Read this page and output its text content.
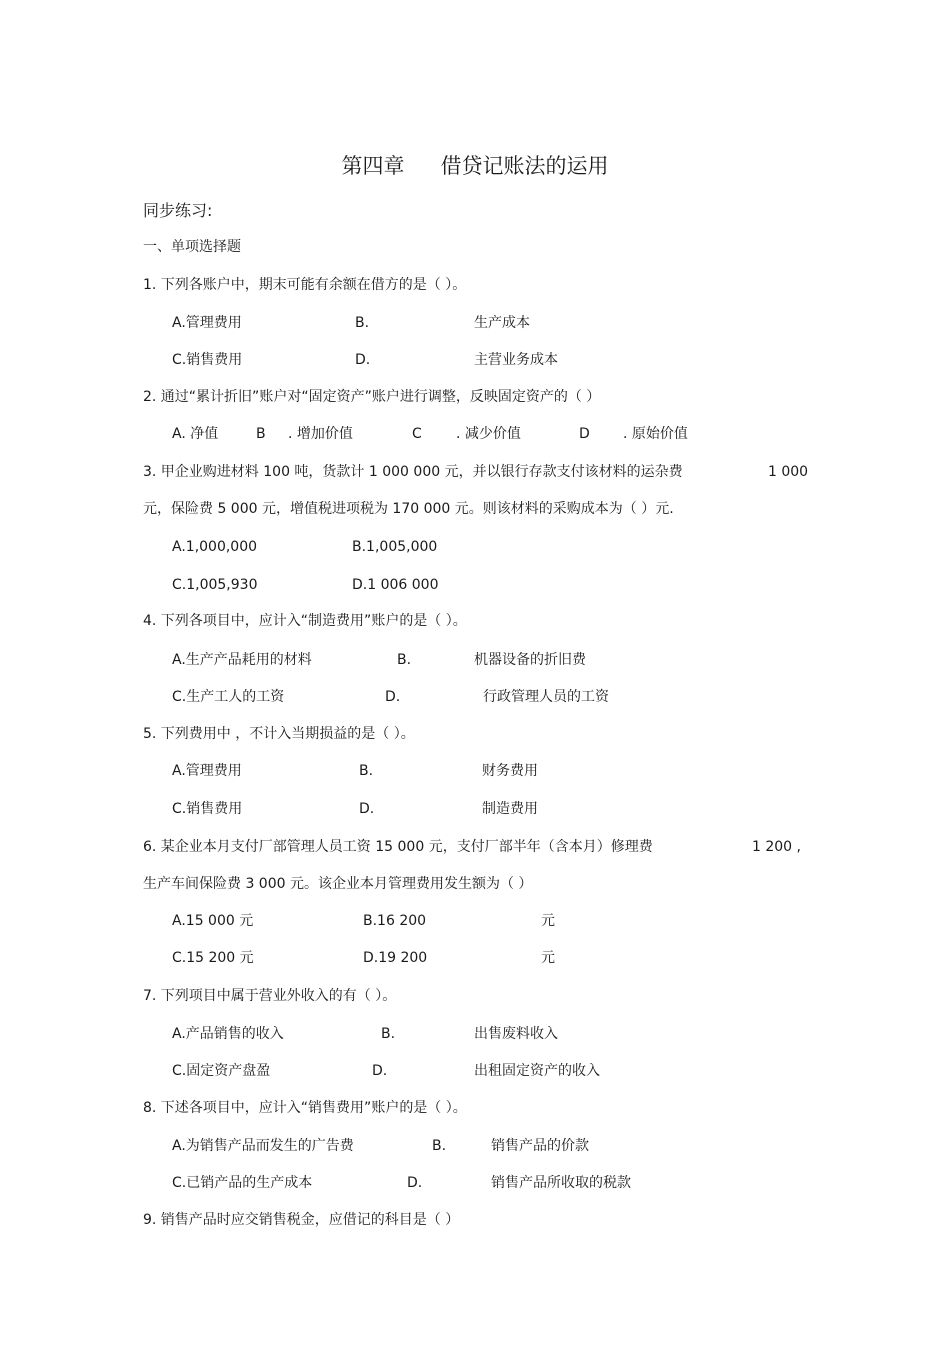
第四章 借贷记账法的运用
同步练习:
一、单项选择题
1. 下列各账户中，期末可能有余额在借方的是（ ）。
A.管理费用	B.	生产成本
C.销售费用	D.	主营业务成本
2. 通过“累计折旧”账户对“固定资产”账户进行调整，反映固定资产的（ ）
A. 净值	B . 增加价值	C . 减少价值	D . 原始价值
3. 甲企业购进材料 100 吨，货款计 1 000 000 元，并以银行存款支付该材料的运杂费	1 000
元，保险费 5 000 元，增值税进项税为 170 000 元。则该材料的采购成本为（ ）元.
A.1,000,000	B.1,005,000
C.1,005,930	D.1 006 000
4. 下列各项目中，应计入“制造费用”账户的是（ ）。
A.生产产品耗用的材料	B.	机器设备的折旧费
C.生产工人的工资	D.	行政管理人员的工资
5. 下列费用中 ，不计入当期损益的是（ ）。
A.管理费用	B.	财务费用
C.销售费用	D.	制造费用
6. 某企业本月支付厂部管理人员工资 15 000 元，支付厂部半年（含本月）修理费	1 200 ,
生产车间保险费 3 000 元。该企业本月管理费用发生额为（ ）
A.15 000 元	B.16 200	元
C.15 200 元	D.19 200	元
7. 下列项目中属于营业外收入的有（ ）。
A.产品销售的收入	B.	出售废料收入
C.固定资产盘盈	D.	出租固定资产的收入
8. 下述各项目中，应计入“销售费用”账户的是（ ）。
A.为销售产品而发生的广告费	B.	销售产品的价款
C.已销产品的生产成本	D.	销售产品所收取的税款
9. 销售产品时应交销售税金，应借记的科目是（ ）
